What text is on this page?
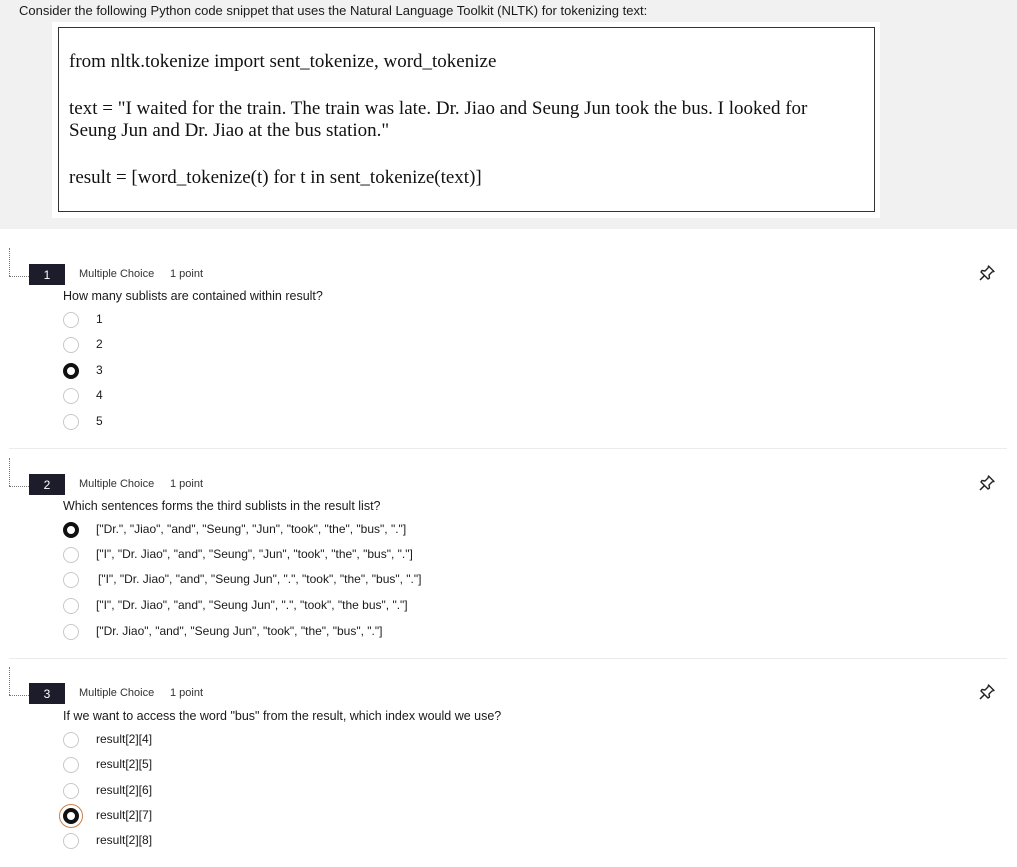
Consider the following Python code snippet that uses the Natural Language Toolkit (NLTK) for tokenizing text:
from nltk.tokenize import sent_tokenize, word_tokenize
text = "I waited for the train. The train was late. Dr. Jiao and Seung Jun took the bus. I looked for Seung Jun and Dr. Jiao at the bus station."
result = [word_tokenize(t) for t in sent_tokenize(text)]
1	Multiple Choice 1 point
How many sublists are contained within result?
1
2
3
4
5
2	Multiple Choice 1 point
Which sentences forms the third sublists in the result list?
["Dr.", "Jiao", "and", "Seung", "Jun", "took", "the", "bus", "."]
["I", "Dr. Jiao", "and", "Seung", "Jun", "took", "the", "bus", "."]
["I", "Dr. Jiao", "and", "Seung Jun", ".", "took", "the", "bus", "."]
["I", "Dr. Jiao", "and", "Seung Jun", ".", "took", "the bus", "."]
["Dr. Jiao", "and", "Seung Jun", "took", "the", "bus", "."]
3	Multiple Choice 1 point
If we want to access the word "bus" from the result, which index would we use?
result[2][4]
result[2][5]
result[2][6]
result[2][7]
result[2][8]
